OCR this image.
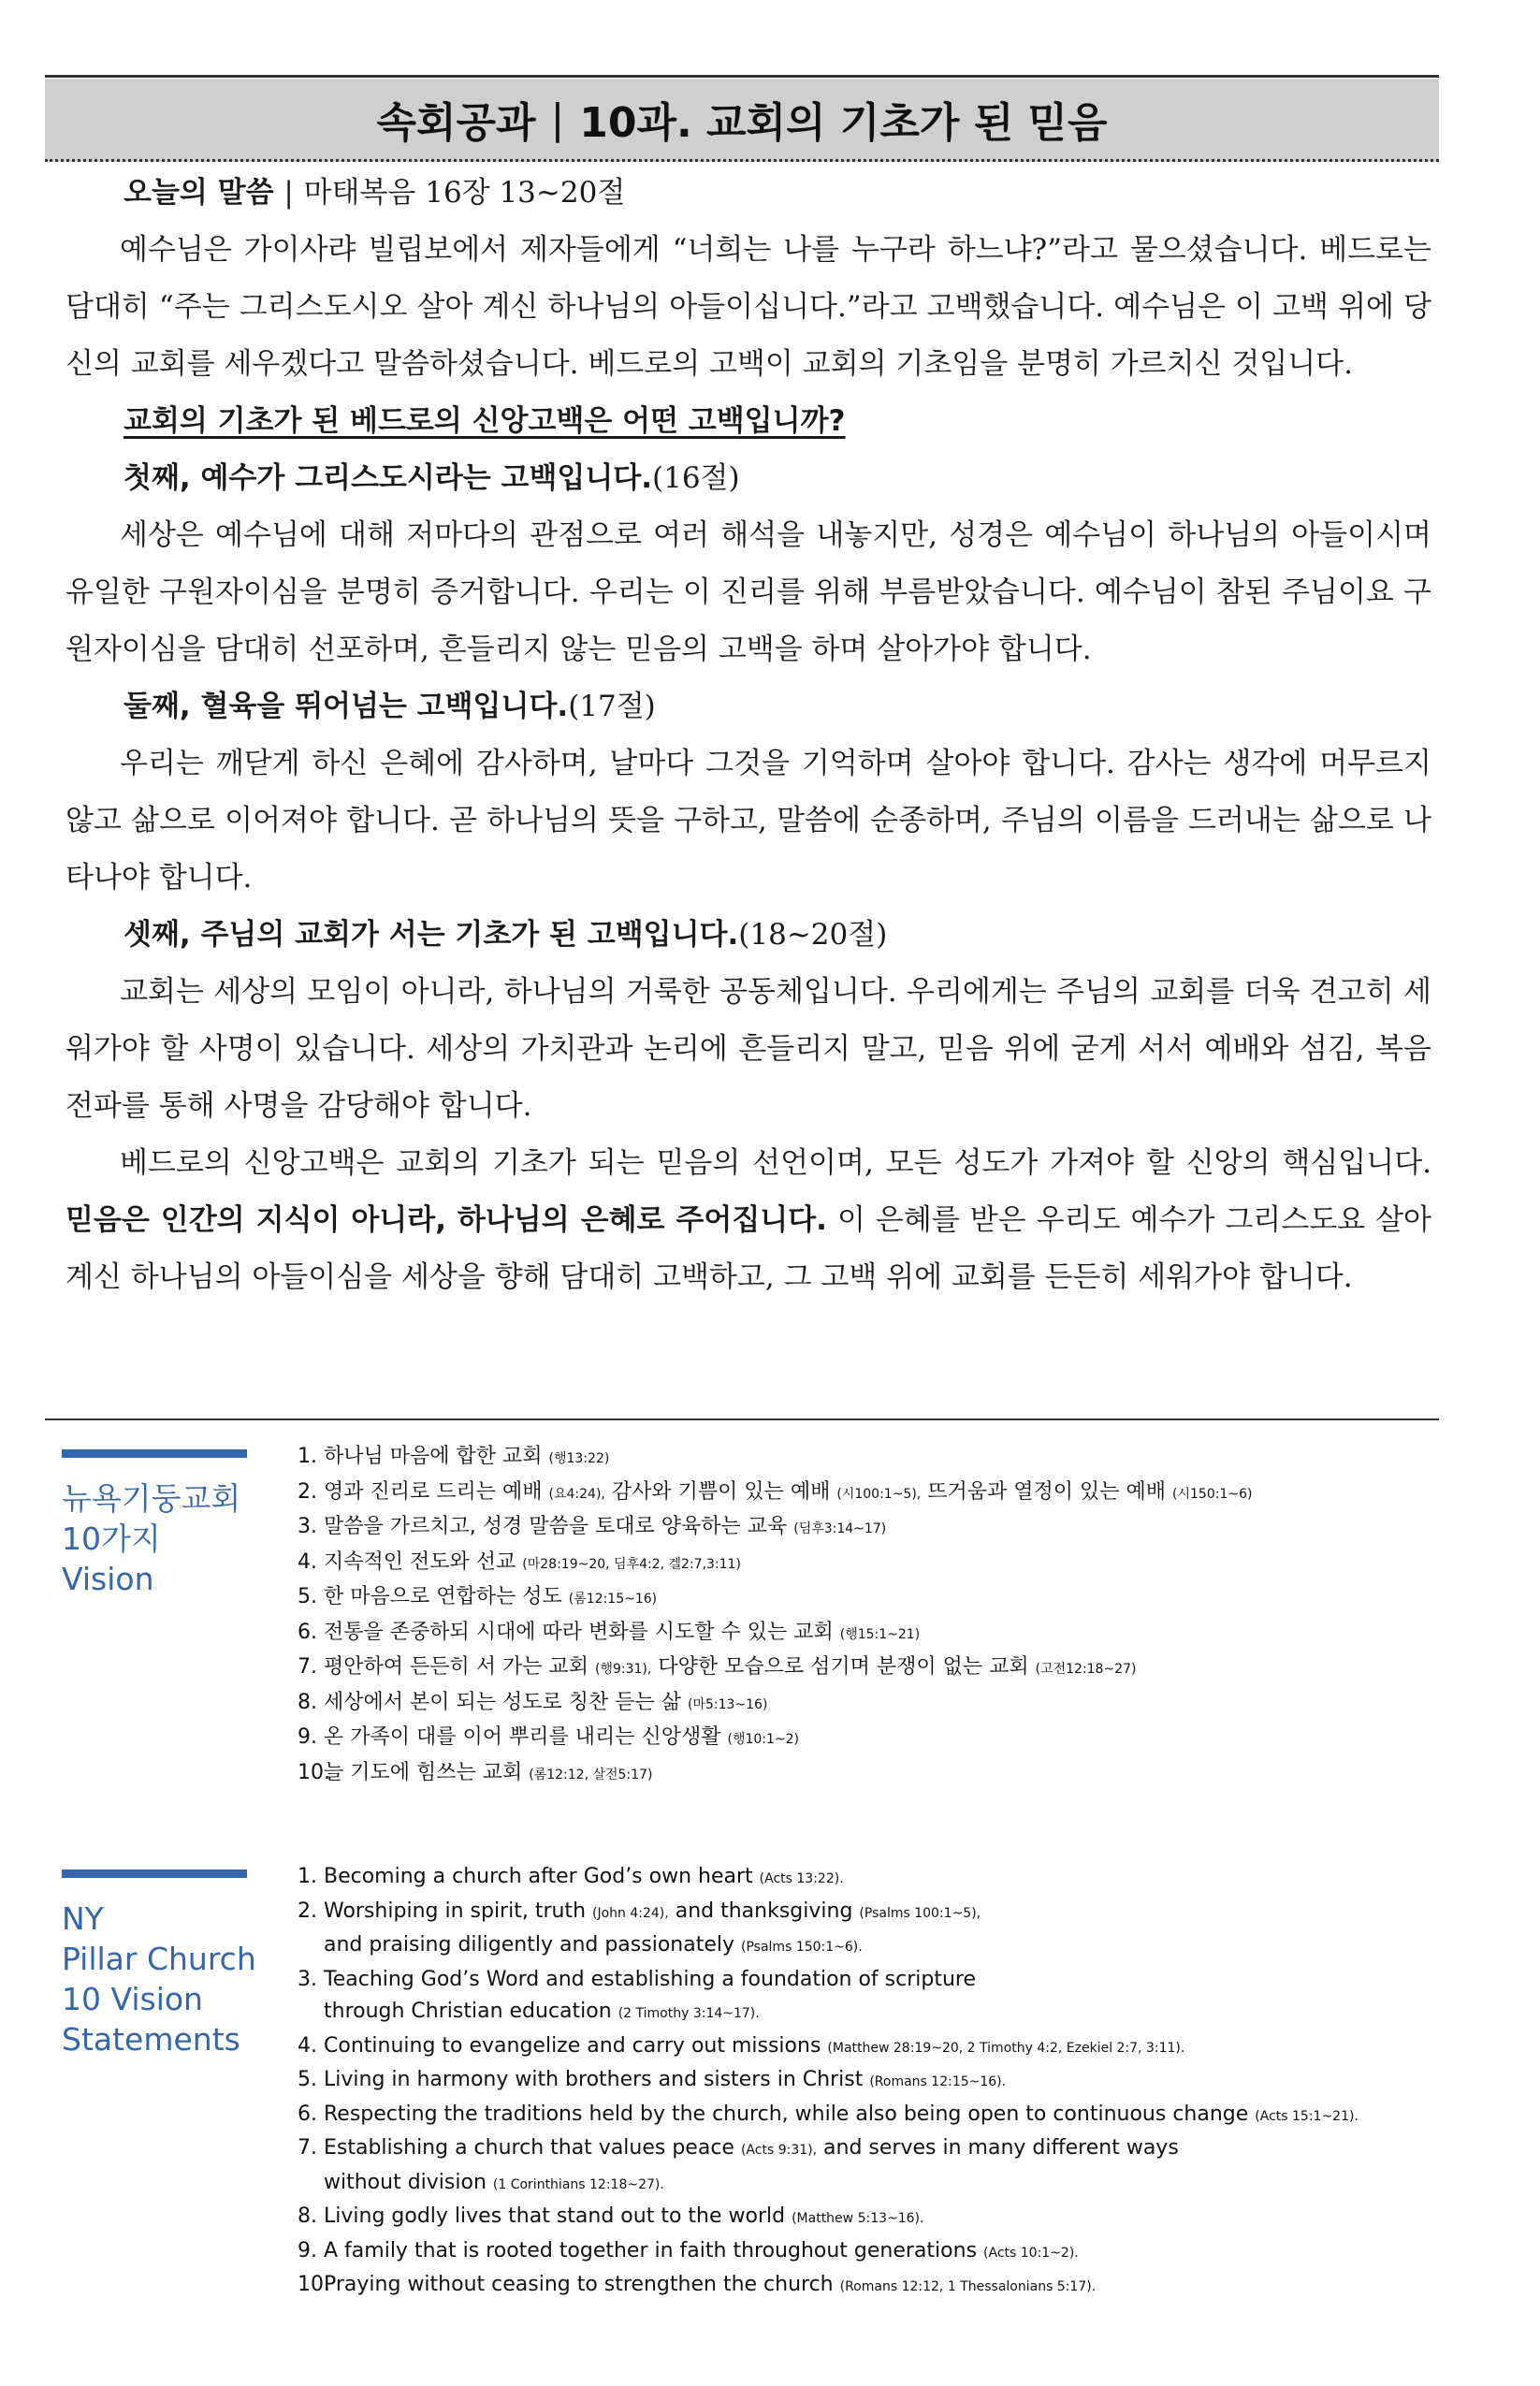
속회공과 | 10과. 교회의 기초가 된 믿음

오늘의 말씀 | 마태복음 16장 13~20절

예수님은 가이사랴 빌립보에서 제자들에게 “너희는 나를 누구라 하느냐?”라고 물으셨습니다. 베드로는 담대히 “주는 그리스도시오 살아 계신 하나님의 아들이십니다.”라고 고백했습니다. 예수님은 이 고백 위에 당신의 교회를 세우겠다고 말씀하셨습니다. 베드로의 고백이 교회의 기초임을 분명히 가르치신 것입니다.

교회의 기초가 된 베드로의 신앙고백은 어떤 고백입니까?

첫째, 예수가 그리스도시라는 고백입니다.(16절)

세상은 예수님에 대해 저마다의 관점으로 여러 해석을 내놓지만, 성경은 예수님이 하나님의 아들이시며 유일한 구원자이심을 분명히 증거합니다. 우리는 이 진리를 위해 부름받았습니다. 예수님이 참된 주님이요 구원자이심을 담대히 선포하며, 흔들리지 않는 믿음의 고백을 하며 살아가야 합니다.

둘째, 혈육을 뛰어넘는 고백입니다.(17절)

우리는 깨닫게 하신 은혜에 감사하며, 날마다 그것을 기억하며 살아야 합니다. 감사는 생각에 머무르지 않고 삶으로 이어져야 합니다. 곧 하나님의 뜻을 구하고, 말씀에 순종하며, 주님의 이름을 드러내는 삶으로 나타나야 합니다.

셋째, 주님의 교회가 서는 기초가 된 고백입니다.(18~20절)

교회는 세상의 모임이 아니라, 하나님의 거룩한 공동체입니다. 우리에게는 주님의 교회를 더욱 견고히 세워가야 할 사명이 있습니다. 세상의 가치관과 논리에 흔들리지 말고, 믿음 위에 굳게 서서 예배와 섬김, 복음 전파를 통해 사명을 감당해야 합니다.

베드로의 신앙고백은 교회의 기초가 되는 믿음의 선언이며, 모든 성도가 가져야 할 신앙의 핵심입니다. 믿음은 인간의 지식이 아니라, 하나님의 은혜로 주어집니다. 이 은혜를 받은 우리도 예수가 그리스도요 살아 계신 하나님의 아들이심을 세상을 향해 담대히 고백하고, 그 고백 위에 교회를 든든히 세워가야 합니다.

뉴욕기둥교회
10가지
Vision
1. 하나님 마음에 합한 교회 (행13:22)
2. 영과 진리로 드리는 예배 (요4:24), 감사와 기쁨이 있는 예배 (시100:1~5), 뜨거움과 열정이 있는 예배 (시150:1~6)
3. 말씀을 가르치고, 성경 말씀을 토대로 양육하는 교육 (딤후3:14~17)
4. 지속적인 전도와 선교 (마28:19~20, 딤후4:2, 겔2:7,3:11)
5. 한 마음으로 연합하는 성도 (롬12:15~16)
6. 전통을 존중하되 시대에 따라 변화를 시도할 수 있는 교회 (행15:1~21)
7. 평안하여 든든히 서 가는 교회 (행9:31), 다양한 모습으로 섬기며 분쟁이 없는 교회 (고전12:18~27)
8. 세상에서 본이 되는 성도로 칭찬 듣는 삶 (마5:13~16)
9. 온 가족이 대를 이어 뿌리를 내리는 신앙생활 (행10:1~2)
10.늘 기도에 힘쓰는 교회 (롬12:12, 살전5:17)
NY
Pillar Church
10 Vision
Statements
1. Becoming a church after God’s own heart (Acts 13:22).
2. Worshiping in spirit, truth (John 4:24), and thanksgiving (Psalms 100:1~5),
and praising diligently and passionately (Psalms 150:1~6).
3. Teaching God’s Word and establishing a foundation of scripture
through Christian education (2 Timothy 3:14~17).
4. Continuing to evangelize and carry out missions (Matthew 28:19~20, 2 Timothy 4:2, Ezekiel 2:7, 3:11).
5. Living in harmony with brothers and sisters in Christ (Romans 12:15~16).
6. Respecting the traditions held by the church, while also being open to continuous change (Acts 15:1~21).
7. Establishing a church that values peace (Acts 9:31), and serves in many different ways
without division (1 Corinthians 12:18~27).
8. Living godly lives that stand out to the world (Matthew 5:13~16).
9. A family that is rooted together in faith throughout generations (Acts 10:1~2).
10.Praying without ceasing to strengthen the church (Romans 12:12, 1 Thessalonians 5:17).
